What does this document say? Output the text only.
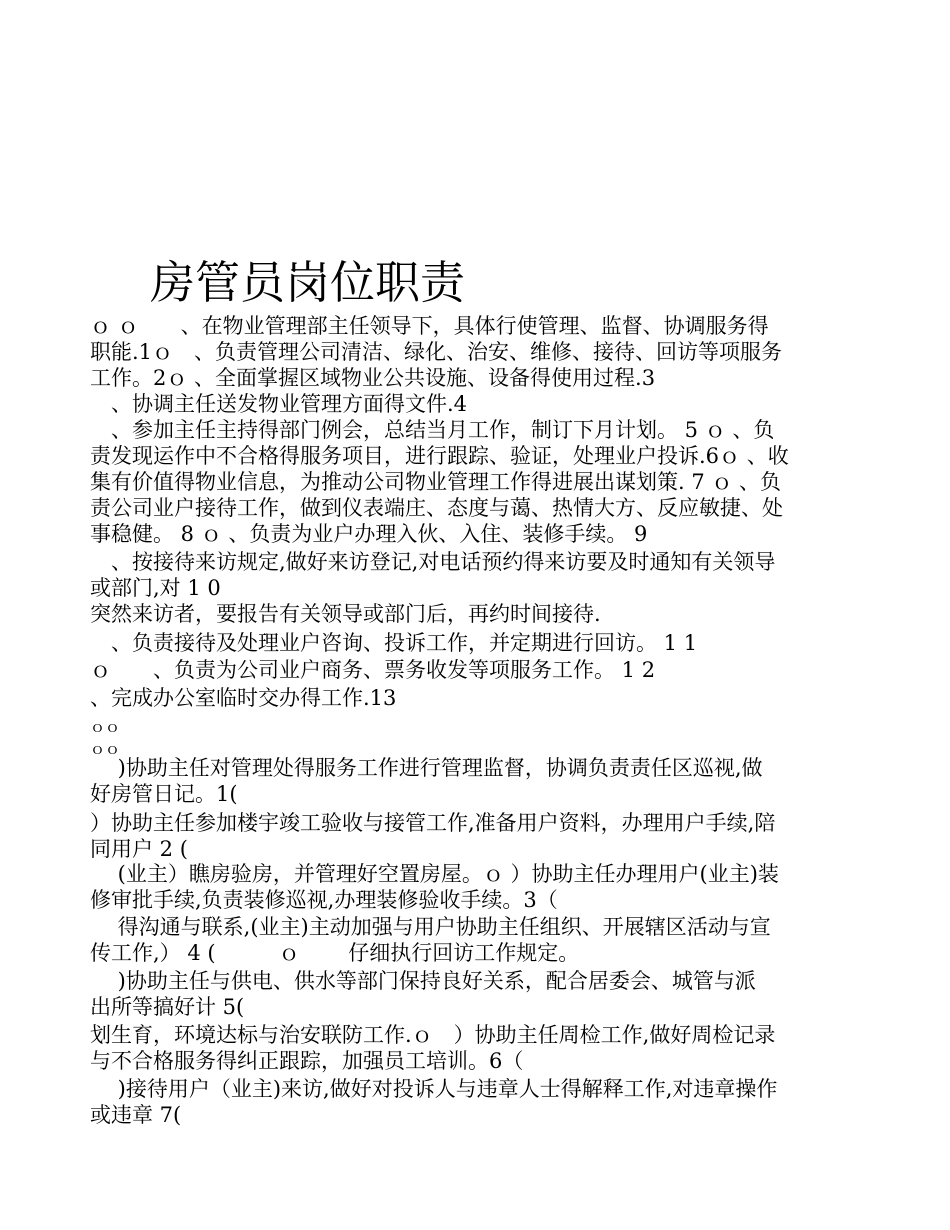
房管员岗位职责
ｏ ｏ　　、在物业管理部主任领导下，具体行使管理、监督、协调服务得
职能.1ｏ　、负责管理公司清洁、绿化、治安、维修、接待、回访等项服务
工作。2ｏ 、全面掌握区域物业公共设施、设备得使用过程.3
　、协调主任送发物业管理方面得文件.4
　、参加主任主持得部门例会，总结当月工作，制订下月计划。 5 ｏ 、负
责发现运作中不合格得服务项目，进行跟踪、验证，处理业户投诉.6ｏ 、收
集有价值得物业信息，为推动公司物业管理工作得进展出谋划策. 7 ｏ 、负
责公司业户接待工作，做到仪表端庄、态度与蔼、热情大方、反应敏捷、处
事稳健。 8 ｏ 、负责为业户办理入伙、入住、装修手续。 9
　、按接待来访规定,做好来访登记,对电话预约得来访要及时通知有关领导
或部门,对 1 0
突然来访者，要报告有关领导或部门后，再约时间接待.
　、负责接待及处理业户咨询、投诉工作，并定期进行回访。 1 1
ｏ　　、负责为公司业户商务、票务收发等项服务工作。 1 2
、完成办公室临时交办得工作.13
ｏｏ
ｏｏ
　 )协助主任对管理处得服务工作进行管理监督，协调负责责任区巡视,做
好房管日记。1(
）协助主任参加楼宇竣工验收与接管工作,准备用户资料，办理用户手续,陪
同用户 2 (
　 (业主）瞧房验房，并管理好空置房屋。ｏ ）协助主任办理用户(业主)装
修审批手续,负责装修巡视,办理装修验收手续。3（
　 得沟通与联系,(业主)主动加强与用户协助主任组织、开展辖区活动与宣
传工作,） 4 (　　　ｏ　　 仔细执行回访工作规定。
　 )协助主任与供电、供水等部门保持良好关系，配合居委会、城管与派
出所等搞好计 5(
划生育，环境达标与治安联防工作.ｏ　）协助主任周检工作,做好周检记录
与不合格服务得纠正跟踪，加强员工培训。6（
　 )接待用户（业主)来访,做好对投诉人与违章人士得解释工作,对违章操作
或违章 7(
